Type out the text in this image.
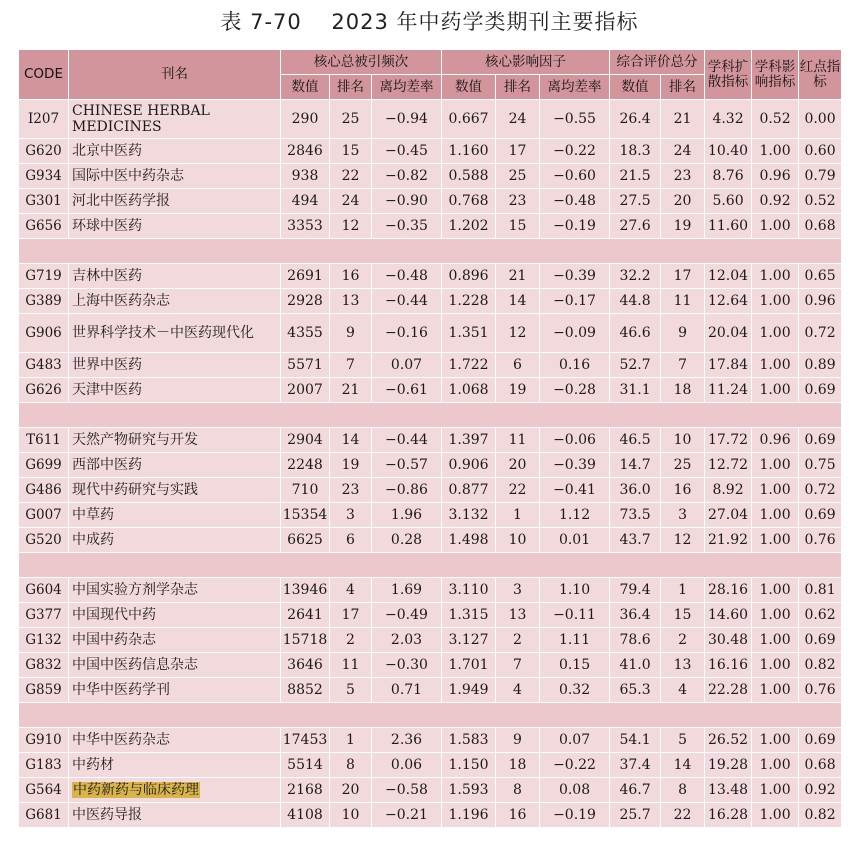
表 7-70　 2023 年中药学类期刊主要指标
CODE	刊名	核心总被引频次			核心影响因子			综合评价总分		学科扩散指标	学科影响指标	红点指标
		数值	排名	离均差率	数值	排名	离均差率	数值	排名			
I207	CHINESE HERBAL MEDICINES	290	25	−0.94	0.667	24	−0.55	26.4	21	4.32	0.52	0.00
G620	北京中医药	2846	15	−0.45	1.160	17	−0.22	18.3	24	10.40	1.00	0.60
G934	国际中医中药杂志	938	22	−0.82	0.588	25	−0.60	21.5	23	8.76	0.96	0.79
G301	河北中医药学报	494	24	−0.90	0.768	23	−0.48	27.5	20	5.60	0.92	0.52
G656	环球中医药	3353	12	−0.35	1.202	15	−0.19	27.6	19	11.60	1.00	0.68

G719	吉林中医药	2691	16	−0.48	0.896	21	−0.39	32.2	17	12.04	1.00	0.65
G389	上海中医药杂志	2928	13	−0.44	1.228	14	−0.17	44.8	11	12.64	1.00	0.96
G906	世界科学技术－中医药现代化	4355	9	−0.16	1.351	12	−0.09	46.6	9	20.04	1.00	0.72
G483	世界中医药	5571	7	0.07	1.722	6	0.16	52.7	7	17.84	1.00	0.89
G626	天津中医药	2007	21	−0.61	1.068	19	−0.28	31.1	18	11.24	1.00	0.69

T611	天然产物研究与开发	2904	14	−0.44	1.397	11	−0.06	46.5	10	17.72	0.96	0.69
G699	西部中医药	2248	19	−0.57	0.906	20	−0.39	14.7	25	12.72	1.00	0.75
G486	现代中药研究与实践	710	23	−0.86	0.877	22	−0.41	36.0	16	8.92	1.00	0.72
G007	中草药	15354	3	1.96	3.132	1	1.12	73.5	3	27.04	1.00	0.69
G520	中成药	6625	6	0.28	1.498	10	0.01	43.7	12	21.92	1.00	0.76

G604	中国实验方剂学杂志	13946	4	1.69	3.110	3	1.10	79.4	1	28.16	1.00	0.81
G377	中国现代中药	2641	17	−0.49	1.315	13	−0.11	36.4	15	14.60	1.00	0.62
G132	中国中药杂志	15718	2	2.03	3.127	2	1.11	78.6	2	30.48	1.00	0.69
G832	中国中医药信息杂志	3646	11	−0.30	1.701	7	0.15	41.0	13	16.16	1.00	0.82
G859	中华中医药学刊	8852	5	0.71	1.949	4	0.32	65.3	4	22.28	1.00	0.76

G910	中华中医药杂志	17453	1	2.36	1.583	9	0.07	54.1	5	26.52	1.00	0.69
G183	中药材	5514	8	0.06	1.150	18	−0.22	37.4	14	19.28	1.00	0.68
G564	中药新药与临床药理	2168	20	−0.58	1.593	8	0.08	46.7	8	13.48	1.00	0.92
G681	中医药导报	4108	10	−0.21	1.196	16	−0.19	25.7	22	16.28	1.00	0.82
